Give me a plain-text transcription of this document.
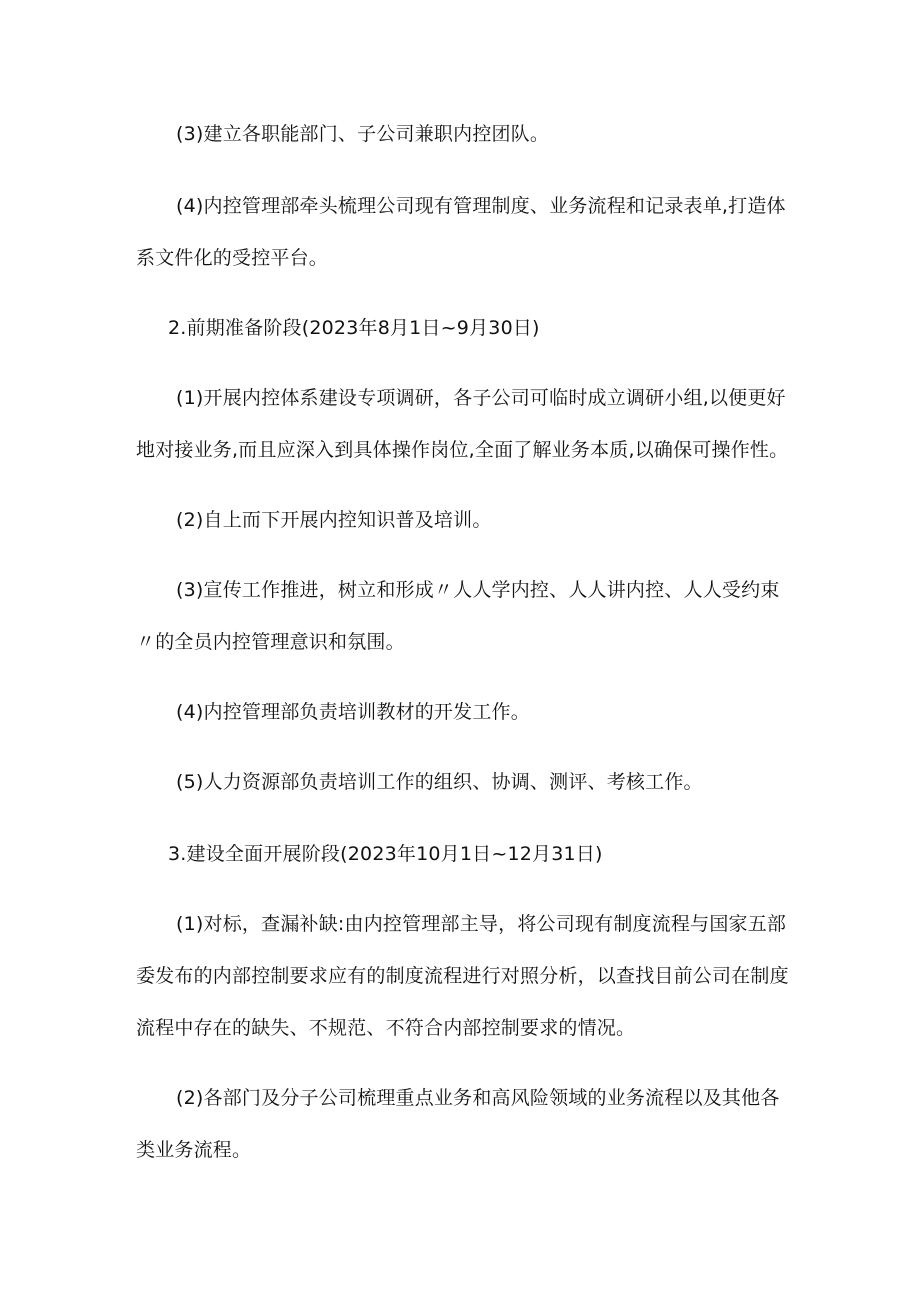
(3)建立各职能部门、子公司兼职内控团队。
(4)内控管理部牵头梳理公司现有管理制度、业务流程和记录表单,打造体系文件化的受控平台。
2.前期准备阶段(2023年8月1日~9月30日)
(1)开展内控体系建设专项调研，各子公司可临时成立调研小组,以便更好地对接业务,而且应深入到具体操作岗位,全面了解业务本质,以确保可操作性。
(2)自上而下开展内控知识普及培训。
(3)宣传工作推进，树立和形成〃人人学内控、人人讲内控、人人受约束〃的全员内控管理意识和氛围。
(4)内控管理部负责培训教材的开发工作。
(5)人力资源部负责培训工作的组织、协调、测评、考核工作。
3.建设全面开展阶段(2023年10月1日~12月31日)
(1)对标，查漏补缺:由内控管理部主导，将公司现有制度流程与国家五部委发布的内部控制要求应有的制度流程进行对照分析，以查找目前公司在制度流程中存在的缺失、不规范、不符合内部控制要求的情况。
(2)各部门及分子公司梳理重点业务和高风险领域的业务流程以及其他各类业务流程。
